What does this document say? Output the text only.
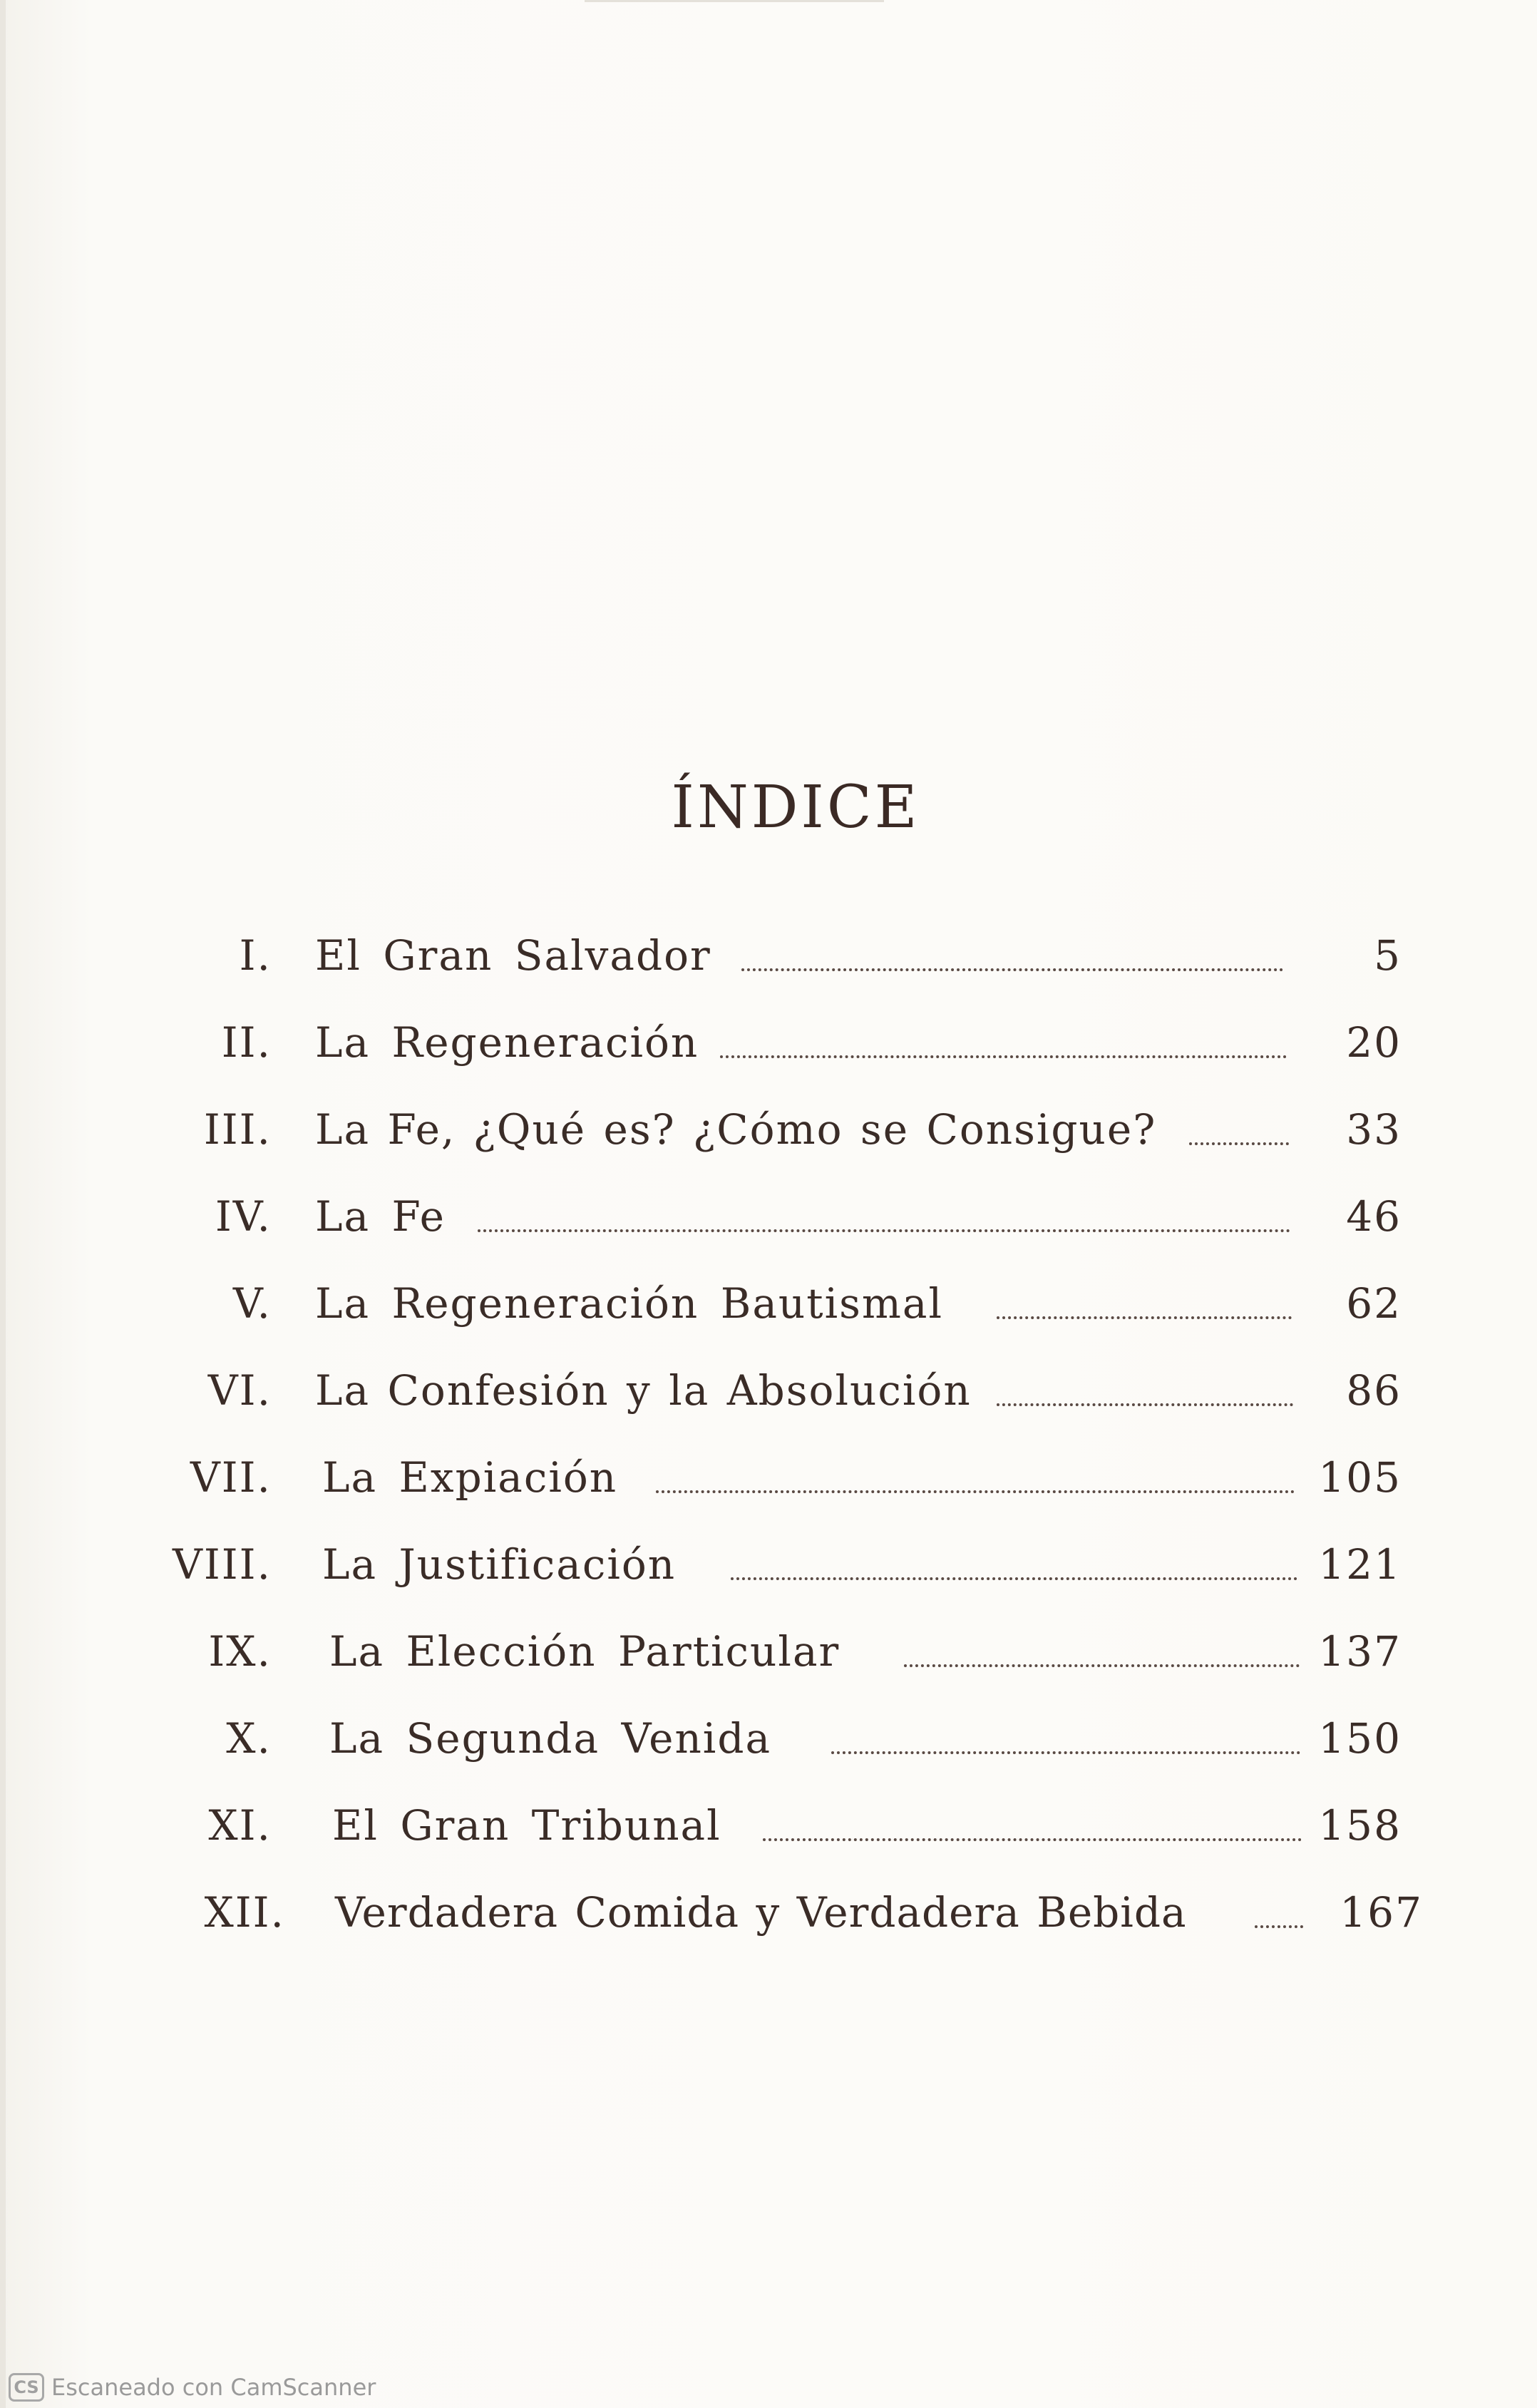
ÍNDICE
I. El Gran Salvador	5
II. La Regeneración	20
III. La Fe, ¿Qué es? ¿Cómo se Consigue?	33
IV. La Fe	46
V. La Regeneración Bautismal	62
VI. La Confesión y la Absolución	86
VII. La Expiación	105
VIII. La Justificación	121
IX. La Elección Particular	137
X. La Segunda Venida	150
XI. El Gran Tribunal	158
XII. Verdadera Comida y Verdadera Bebida	167
CS Escaneado con CamScanner
